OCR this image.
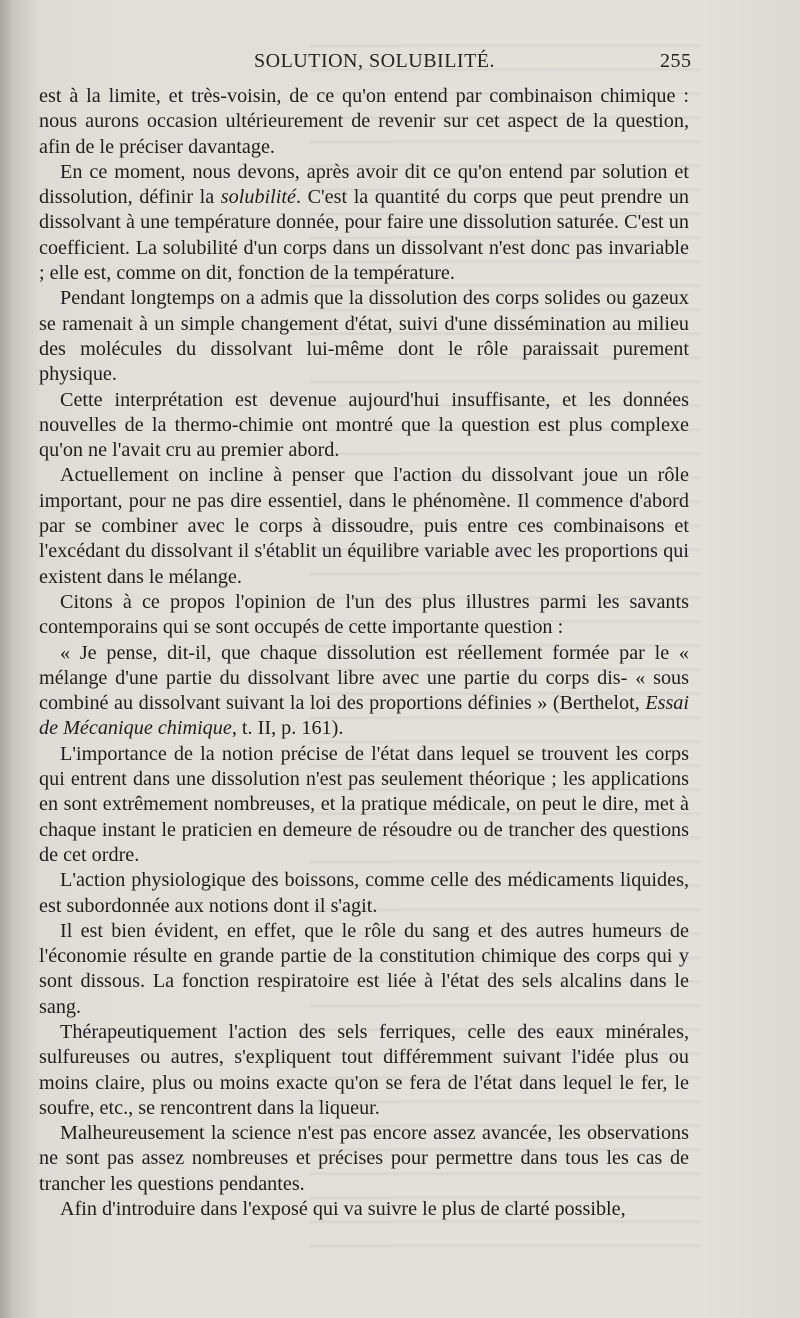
SOLUTION, SOLUBILITÉ.	255

est à la limite, et très-voisin, de ce qu'on entend par combinaison chimique : nous aurons occasion ultérieurement de revenir sur cet aspect de la question, afin de le préciser davantage.

En ce moment, nous devons, après avoir dit ce qu'on entend par solution et dissolution, définir la solubilité. C'est la quantité du corps que peut prendre un dissolvant à une température donnée, pour faire une dissolution saturée. C'est un coefficient. La solubilité d'un corps dans un dissolvant n'est donc pas invariable ; elle est, comme on dit, fonction de la température.

Pendant longtemps on a admis que la dissolution des corps solides ou gazeux se ramenait à un simple changement d'état, suivi d'une dissémination au milieu des molécules du dissolvant lui-même dont le rôle paraissait purement physique.

Cette interprétation est devenue aujourd'hui insuffisante, et les données nouvelles de la thermo-chimie ont montré que la question est plus complexe qu'on ne l'avait cru au premier abord.

Actuellement on incline à penser que l'action du dissolvant joue un rôle important, pour ne pas dire essentiel, dans le phénomène. Il commence d'abord par se combiner avec le corps à dissoudre, puis entre ces combinaisons et l'excédant du dissolvant il s'établit un équilibre variable avec les proportions qui existent dans le mélange.

Citons à ce propos l'opinion de l'un des plus illustres parmi les savants contemporains qui se sont occupés de cette importante question :

« Je pense, dit-il, que chaque dissolution est réellement formée par le « mélange d'une partie du dissolvant libre avec une partie du corps dis- « sous combiné au dissolvant suivant la loi des proportions définies » (Berthelot, Essai de Mécanique chimique, t. II, p. 161).

L'importance de la notion précise de l'état dans lequel se trouvent les corps qui entrent dans une dissolution n'est pas seulement théorique ; les applications en sont extrêmement nombreuses, et la pratique médicale, on peut le dire, met à chaque instant le praticien en demeure de résoudre ou de trancher des questions de cet ordre.

L'action physiologique des boissons, comme celle des médicaments liquides, est subordonnée aux notions dont il s'agit.

Il est bien évident, en effet, que le rôle du sang et des autres humeurs de l'économie résulte en grande partie de la constitution chimique des corps qui y sont dissous. La fonction respiratoire est liée à l'état des sels alcalins dans le sang.

Thérapeutiquement l'action des sels ferriques, celle des eaux minérales, sulfureuses ou autres, s'expliquent tout différemment suivant l'idée plus ou moins claire, plus ou moins exacte qu'on se fera de l'état dans lequel le fer, le soufre, etc., se rencontrent dans la liqueur.

Malheureusement la science n'est pas encore assez avancée, les observations ne sont pas assez nombreuses et précises pour permettre dans tous les cas de trancher les questions pendantes.

Afin d'introduire dans l'exposé qui va suivre le plus de clarté possible,
